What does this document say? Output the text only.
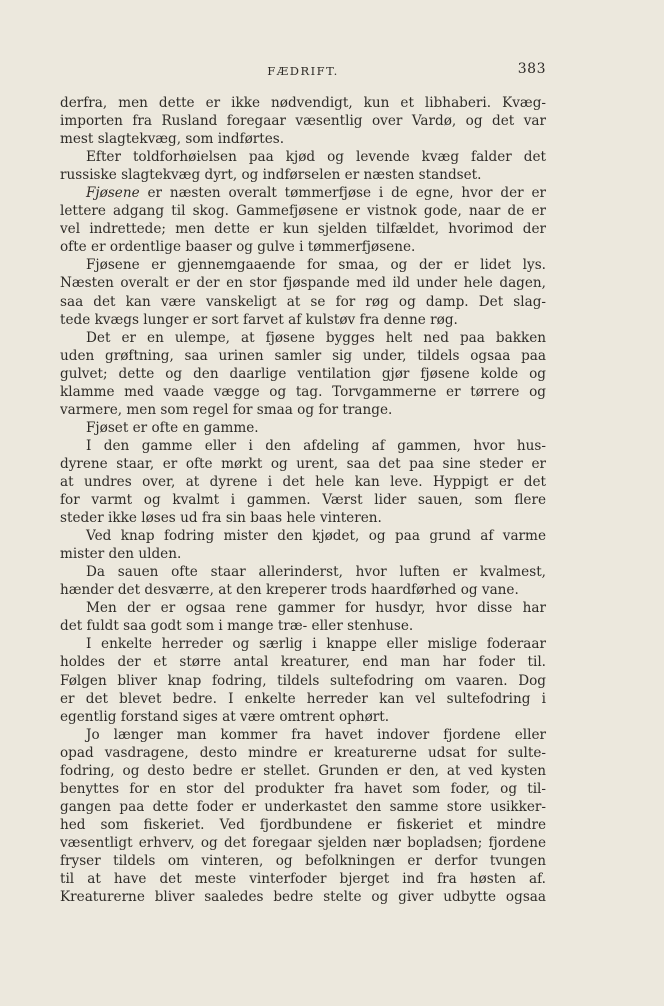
FÆDRIFT.	383
derfra, men dette er ikke nødvendigt, kun et libhaberi. Kvæg-
importen fra Rusland foregaar væsentlig over Vardø, og det var
mest slagtekvæg, som indførtes.
Efter toldforhøielsen paa kjød og levende kvæg falder det
russiske slagtekvæg dyrt, og indførselen er næsten standset.
Fjøsene er næsten overalt tømmerfjøse i de egne, hvor der er
lettere adgang til skog. Gammefjøsene er vistnok gode, naar de er
vel indrettede; men dette er kun sjelden tilfældet, hvorimod der
ofte er ordentlige baaser og gulve i tømmerfjøsene.
Fjøsene er gjennemgaaende for smaa, og der er lidet lys.
Næsten overalt er der en stor fjøspande med ild under hele dagen,
saa det kan være vanskeligt at se for røg og damp. Det slag-
tede kvægs lunger er sort farvet af kulstøv fra denne røg.
Det er en ulempe, at fjøsene bygges helt ned paa bakken
uden grøftning, saa urinen samler sig under, tildels ogsaa paa
gulvet; dette og den daarlige ventilation gjør fjøsene kolde og
klamme med vaade vægge og tag. Torvgammerne er tørrere og
varmere, men som regel for smaa og for trange.
Fjøset er ofte en gamme.
I den gamme eller i den afdeling af gammen, hvor hus-
dyrene staar, er ofte mørkt og urent, saa det paa sine steder er
at undres over, at dyrene i det hele kan leve. Hyppigt er det
for varmt og kvalmt i gammen. Værst lider sauen, som flere
steder ikke løses ud fra sin baas hele vinteren.
Ved knap fodring mister den kjødet, og paa grund af varme
mister den ulden.
Da sauen ofte staar allerinderst, hvor luften er kvalmest,
hænder det desværre, at den kreperer trods haardførhed og vane.
Men der er ogsaa rene gammer for husdyr, hvor disse har
det fuldt saa godt som i mange træ- eller stenhuse.
I enkelte herreder og særlig i knappe eller mislige foderaar
holdes der et større antal kreaturer, end man har foder til.
Følgen bliver knap fodring, tildels sultefodring om vaaren. Dog
er det blevet bedre. I enkelte herreder kan vel sultefodring i
egentlig forstand siges at være omtrent ophørt.
Jo længer man kommer fra havet indover fjordene eller
opad vasdragene, desto mindre er kreaturerne udsat for sulte-
fodring, og desto bedre er stellet. Grunden er den, at ved kysten
benyttes for en stor del produkter fra havet som foder, og til-
gangen paa dette foder er underkastet den samme store usikker-
hed som fiskeriet. Ved fjordbundene er fiskeriet et mindre
væsentligt erhverv, og det foregaar sjelden nær bopladsen; fjordene
fryser tildels om vinteren, og befolkningen er derfor tvungen
til at have det meste vinterfoder bjerget ind fra høsten af.
Kreaturerne bliver saaledes bedre stelte og giver udbytte ogsaa
